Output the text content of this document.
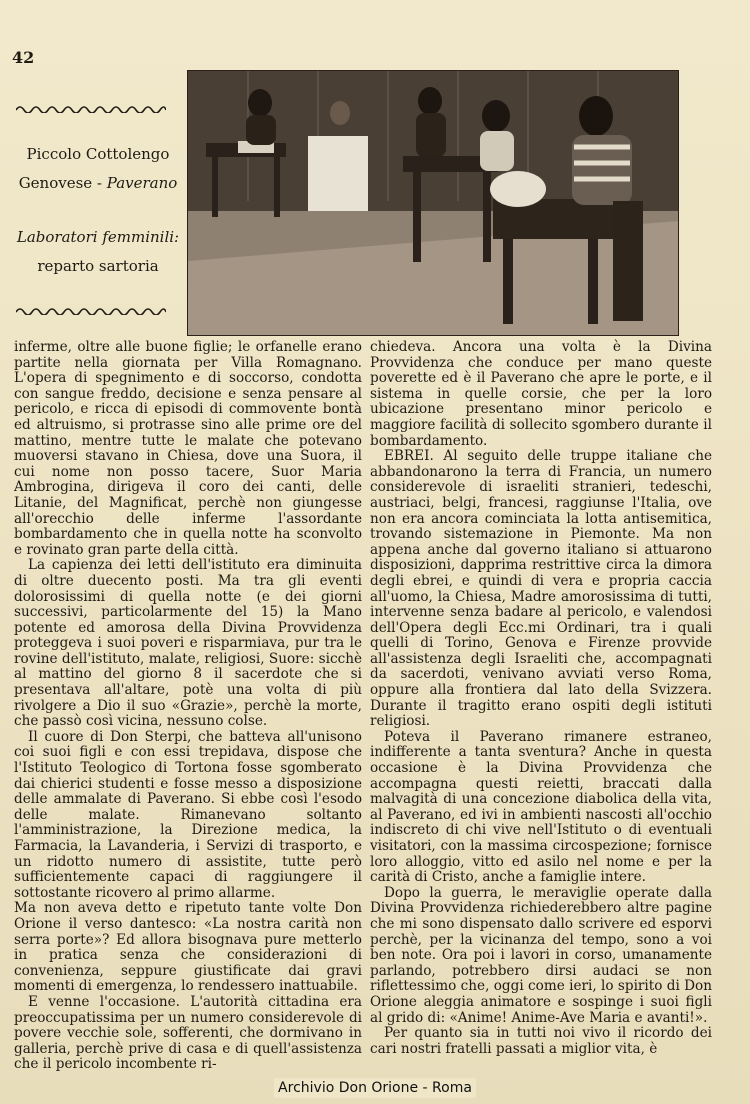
42
Piccolo Cottolengo
Genovese - Paverano
Laboratori femminili:
reparto sartoria

inferme, oltre alle buone figlie; le orfanelle erano partite nella giornata per Villa Romagnano. L'opera di spegnimento e di soccorso, condotta con sangue freddo, decisione e senza pensare al pericolo, e ricca di episodi di commovente bontà ed altruismo, si protrasse sino alle prime ore del mattino, mentre tutte le malate che potevano muoversi stavano in Chiesa, dove una Suora, il cui nome non posso tacere, Suor Maria Ambrogina, dirigeva il coro dei canti, delle Litanie, del Magnificat, perchè non giungesse all'orecchio delle inferme l'assordante bombardamento che in quella notte ha sconvolto e rovinato gran parte della città.

La capienza dei letti dell'istituto era diminuita di oltre duecento posti. Ma tra gli eventi dolorosissimi di quella notte (e dei giorni successivi, particolarmente del 15) la Mano potente ed amorosa della Divina Provvidenza proteggeva i suoi poveri e risparmiava, pur tra le rovine dell'istituto, malate, religiosi, Suore: sicchè al mattino del giorno 8 il sacerdote che si presentava all'altare, potè una volta di più rivolgere a Dio il suo «Grazie», perchè la morte, che passò così vicina, nessuno colse.

Il cuore di Don Sterpi, che batteva all'unisono coi suoi figli e con essi trepidava, dispose che l'Istituto Teologico di Tortona fosse sgomberato dai chierici studenti e fosse messo a disposizione delle ammalate di Paverano. Si ebbe così l'esodo delle malate. Rimanevano soltanto l'amministrazione, la Direzione medica, la Farmacia, la Lavanderia, i Servizi di trasporto, e un ridotto numero di assistite, tutte però sufficientemente capaci di raggiungere il sottostante ricovero al primo allarme.

Ma non aveva detto e ripetuto tante volte Don Orione il verso dantesco: «La nostra carità non serra porte»? Ed allora bisognava pure metterlo in pratica senza che considerazioni di convenienza, seppure giustificate dai gravi momenti di emergenza, lo rendessero inattuabile.

E venne l'occasione. L'autorità cittadina era preoccupatissima per un numero considerevole di povere vecchie sole, sofferenti, che dormivano in galleria, perchè prive di casa e di quell'assistenza che il pericolo incombente ri-

chiedeva. Ancora una volta è la Divina Provvidenza che conduce per mano queste poverette ed è il Paverano che apre le porte, e il sistema in quelle corsie, che per la loro ubicazione presentano minor pericolo e maggiore facilità di sollecito sgombero durante il bombardamento.

EBREI. Al seguito delle truppe italiane che abbandonarono la terra di Francia, un numero considerevole di israeliti stranieri, tedeschi, austriaci, belgi, francesi, raggiunse l'Italia, ove non era ancora cominciata la lotta antisemitica, trovando sistemazione in Piemonte. Ma non appena anche dal governo italiano si attuarono disposizioni, dapprima restrittive circa la dimora degli ebrei, e quindi di vera e propria caccia all'uomo, la Chiesa, Madre amorosissima di tutti, intervenne senza badare al pericolo, e valendosi dell'Opera degli Ecc.mi Ordinari, tra i quali quelli di Torino, Genova e Firenze provvide all'assistenza degli Israeliti che, accompagnati da sacerdoti, venivano avviati verso Roma, oppure alla frontiera dal lato della Svizzera. Durante il tragitto erano ospiti degli istituti religiosi.

Poteva il Paverano rimanere estraneo, indifferente a tanta sventura? Anche in questa occasione è la Divina Provvidenza che accompagna questi reietti, braccati dalla malvagità di una concezione diabolica della vita, al Paverano, ed ivi in ambienti nascosti all'occhio indiscreto di chi vive nell'Istituto o di eventuali visitatori, con la massima circospezione; fornisce loro alloggio, vitto ed asilo nel nome e per la carità di Cristo, anche a famiglie intere.

Dopo la guerra, le meraviglie operate dalla Divina Provvidenza richiederebbero altre pagine che mi sono dispensato dallo scrivere ed esporvi perchè, per la vicinanza del tempo, sono a voi ben note. Ora poi i lavori in corso, umanamente parlando, potrebbero dirsi audaci se non riflettessimo che, oggi come ieri, lo spirito di Don Orione aleggia animatore e sospinge i suoi figli al grido di: «Anime! Anime-Ave Maria e avanti!».

Per quanto sia in tutti noi vivo il ricordo dei cari nostri fratelli passati a miglior vita, è

Archivio Don Orione - Roma
